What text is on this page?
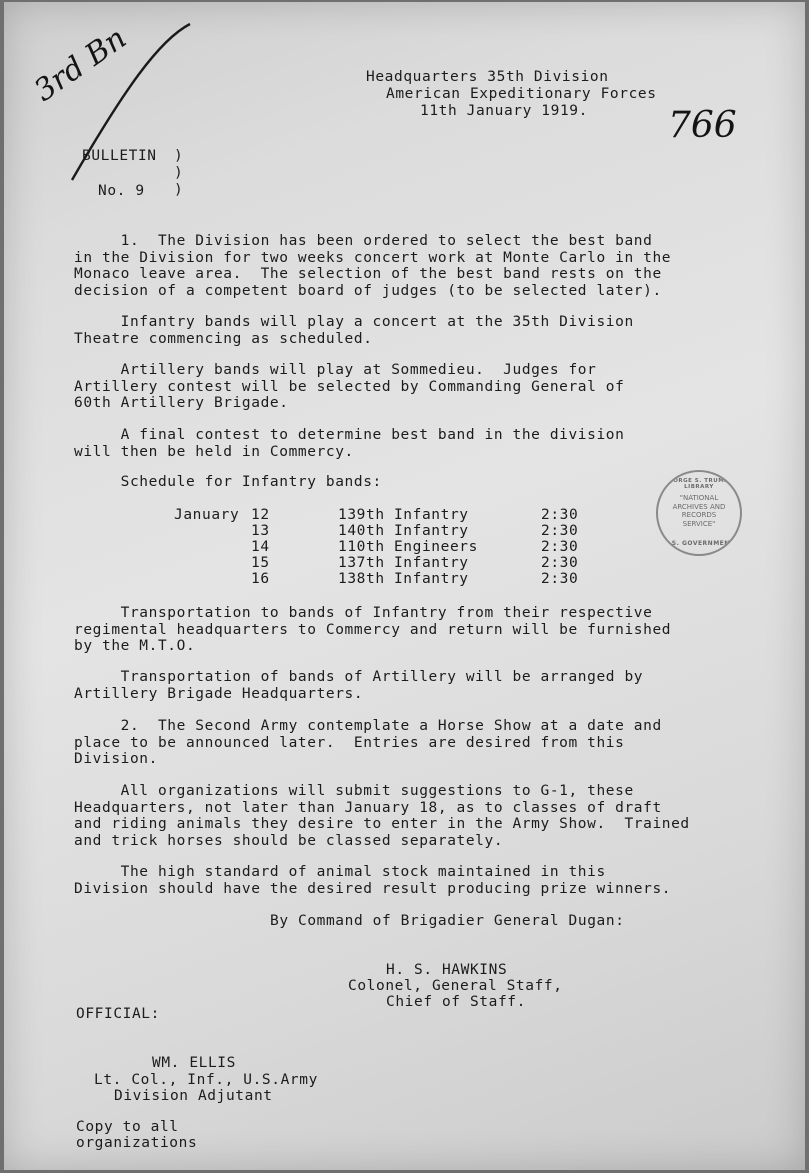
3rd Bn
766
Headquarters 35th Division
American Expeditionary Forces
11th January 1919.
BULLETIN
No. 9
)
)
)
1.  The Division has been ordered to select the best band
in the Division for two weeks concert work at Monte Carlo in the
Monaco leave area.  The selection of the best band rests on the
decision of a competent board of judges (to be selected later).
Infantry bands will play a concert at the 35th Division
Theatre commencing as scheduled.
Artillery bands will play at Sommedieu.  Judges for
Artillery contest will be selected by Commanding General of
60th Artillery Brigade.
A final contest to determine best band in the division
will then be held in Commercy.
Schedule for Infantry bands:
January 12	139th Infantry	2:30
13	140th Infantry	2:30
14	110th Engineers	2:30
15	137th Infantry	2:30
16	138th Infantry	2:30
GEORGE S. TRUMAN LIBRARY
"NATIONAL
ARCHIVES AND
RECORDS
SERVICE"
U.S. GOVERNMENT
Transportation to bands of Infantry from their respective
regimental headquarters to Commercy and return will be furnished
by the M.T.O.
Transportation of bands of Artillery will be arranged by
Artillery Brigade Headquarters.
2.  The Second Army contemplate a Horse Show at a date and
place to be announced later.  Entries are desired from this
Division.
All organizations will submit suggestions to G-1, these
Headquarters, not later than January 18, as to classes of draft
and riding animals they desire to enter in the Army Show.  Trained
and trick horses should be classed separately.
The high standard of animal stock maintained in this
Division should have the desired result producing prize winners.
By Command of Brigadier General Dugan:
H. S. HAWKINS
Colonel, General Staff,
Chief of Staff.
OFFICIAL:
WM. ELLIS
Lt. Col., Inf., U.S.Army
Division Adjutant
Copy to all
organizations
